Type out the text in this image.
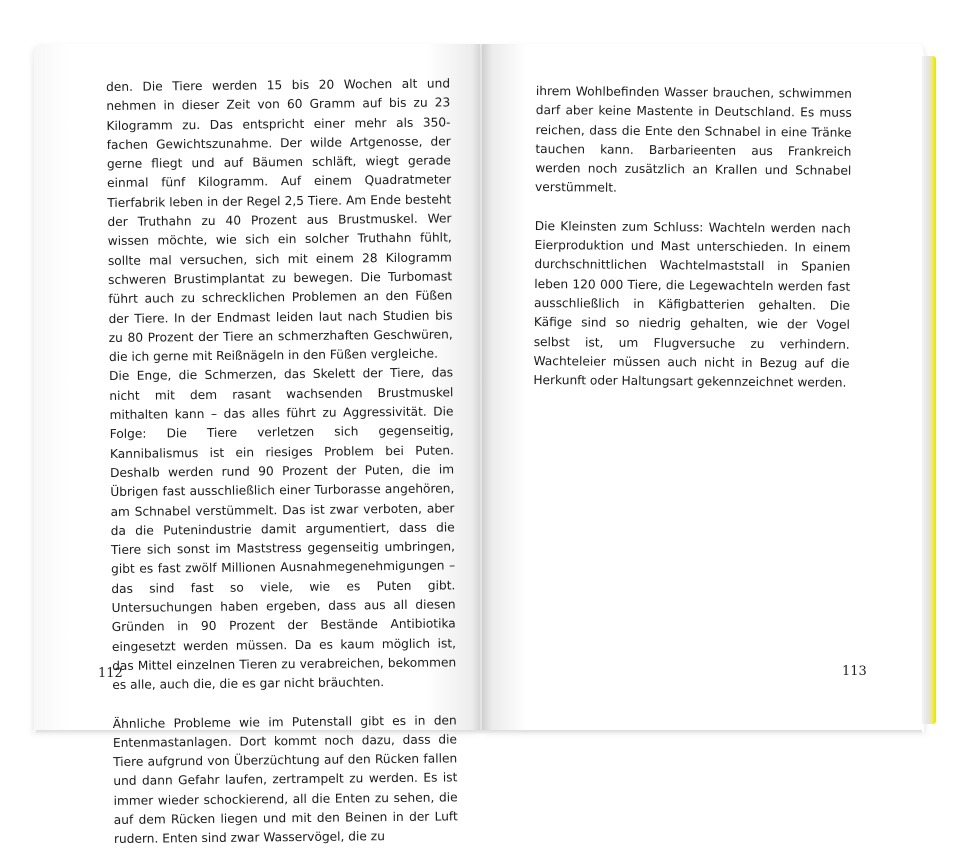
den. Die Tiere werden 15 bis 20 Wochen alt und nehmen in dieser Zeit von 60 Gramm auf bis zu 23 Kilogramm zu. Das entspricht einer mehr als 350-fachen Gewichtszunahme. Der wilde Artgenosse, der gerne fliegt und auf Bäumen schläft, wiegt gerade einmal fünf Kilogramm. Auf einem Quadratmeter Tierfabrik leben in der Regel 2,5 Tiere. Am Ende besteht der Truthahn zu 40 Prozent aus Brustmuskel. Wer wissen möchte, wie sich ein solcher Truthahn fühlt, sollte mal versuchen, sich mit einem 28 Kilogramm schweren Brustimplantat zu bewegen. Die Turbomast führt auch zu schrecklichen Problemen an den Füßen der Tiere. In der Endmast leiden laut nach Studien bis zu 80 Prozent der Tiere an schmerzhaften Geschwüren, die ich gerne mit Reißnägeln in den Füßen vergleiche.

Die Enge, die Schmerzen, das Skelett der Tiere, das nicht mit dem rasant wachsenden Brustmuskel mithalten kann – das alles führt zu Aggressivität. Die Folge: Die Tiere verletzen sich gegenseitig, Kannibalismus ist ein riesiges Problem bei Puten. Deshalb werden rund 90 Prozent der Puten, die im Übrigen fast ausschließlich einer Turborasse angehören, am Schnabel verstümmelt. Das ist zwar verboten, aber da die Putenindustrie damit argumentiert, dass die Tiere sich sonst im Maststress gegenseitig umbringen, gibt es fast zwölf Millionen Ausnahmegenehmigungen – das sind fast so viele, wie es Puten gibt. Untersuchungen haben ergeben, dass aus all diesen Gründen in 90 Prozent der Bestände Antibiotika eingesetzt werden müssen. Da es kaum möglich ist, das Mittel einzelnen Tieren zu verabreichen, bekommen es alle, auch die, die es gar nicht bräuchten.

Ähnliche Probleme wie im Putenstall gibt es in den Entenmastanlagen. Dort kommt noch dazu, dass die Tiere aufgrund von Überzüchtung auf den Rücken fallen und dann Gefahr laufen, zertrampelt zu werden. Es ist immer wieder schockierend, all die Enten zu sehen, die auf dem Rücken liegen und mit den Beinen in der Luft rudern. Enten sind zwar Wasservögel, die zu

ihrem Wohlbefinden Wasser brauchen, schwimmen darf aber keine Mastente in Deutschland. Es muss reichen, dass die Ente den Schnabel in eine Tränke tauchen kann. Barbarieenten aus Frankreich werden noch zusätzlich an Krallen und Schnabel verstümmelt.

Die Kleinsten zum Schluss: Wachteln werden nach Eierproduktion und Mast unterschieden. In einem durchschnittlichen Wachtelmaststall in Spanien leben 120 000 Tiere, die Legewachteln werden fast ausschließlich in Käfigbatterien gehalten. Die Käfige sind so niedrig gehalten, wie der Vogel selbst ist, um Flugversuche zu verhindern. Wachteleier müssen auch nicht in Bezug auf die Herkunft oder Haltungsart gekennzeichnet werden.

112	113
